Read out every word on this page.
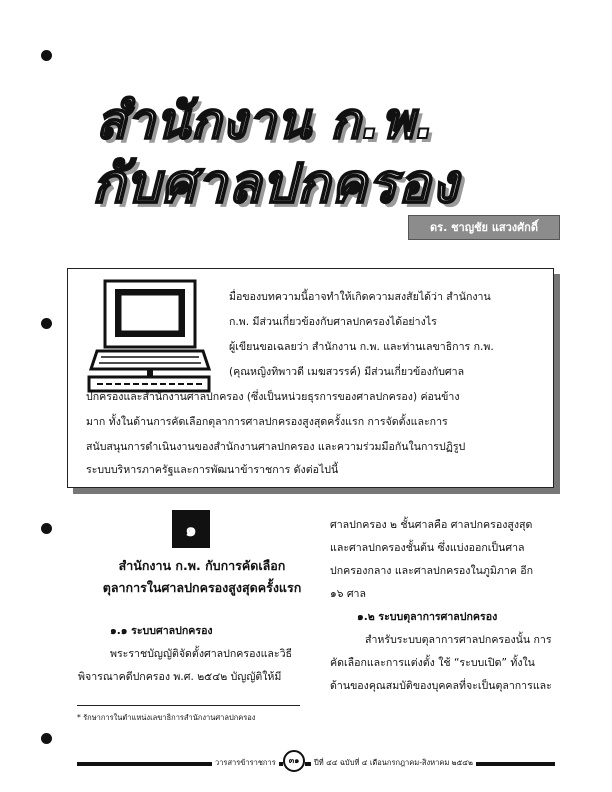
สำนักงาน ก.พ.
กับศาลปกครอง
ดร. ชาญชัย แสวงศักดิ์
มื่อของบทความนี้อาจทำให้เกิดความสงสัยได้ว่า สำนักงาน
ก.พ. มีส่วนเกี่ยวข้องกับศาลปกครองได้อย่างไร
ผู้เขียนขอเฉลยว่า สำนักงาน ก.พ. และท่านเลขาธิการ ก.พ.
(คุณหญิงทิพาวดี เมฆสวรรค์) มีส่วนเกี่ยวข้องกับศาล
ปกครองและสำนักงานศาลปกครอง (ซึ่งเป็นหน่วยธุรการของศาลปกครอง) ค่อนข้าง
มาก ทั้งในด้านการคัดเลือกตุลาการศาลปกครองสูงสุดครั้งแรก การจัดตั้งและการ
สนับสนุนการดำเนินงานของสำนักงานศาลปกครอง และความร่วมมือกันในการปฏิรูป
ระบบบริหารภาครัฐและการพัฒนาข้าราชการ ดังต่อไปนี้
๑
สำนักงาน ก.พ. กับการคัดเลือก
ตุลาการในศาลปกครองสูงสุดครั้งแรก
๑.๑ ระบบศาลปกครอง
พระราชบัญญัติจัดตั้งศาลปกครองและวิธี
พิจารณาคดีปกครอง พ.ศ. ๒๕๔๒ บัญญัติให้มี
ศาลปกครอง ๒ ชั้นศาลคือ ศาลปกครองสูงสุด
และศาลปกครองชั้นต้น ซึ่งแบ่งออกเป็นศาล
ปกครองกลาง และศาลปกครองในภูมิภาค อีก
๑๖ ศาล
๑.๒ ระบบตุลาการศาลปกครอง
สำหรับระบบตุลาการศาลปกครองนั้น การ
คัดเลือกและการแต่งตั้ง ใช้ “ระบบเปิด” ทั้งใน
ด้านของคุณสมบัติของบุคคลที่จะเป็นตุลาการและ
* รักษาการในตำแหน่งเลขาธิการสำนักงานศาลปกครอง
วารสารข้าราชการ	๓๑	ปีที่ ๔๔ ฉบับที่ ๔ เดือนกรกฎาคม-สิงหาคม ๒๕๔๒
